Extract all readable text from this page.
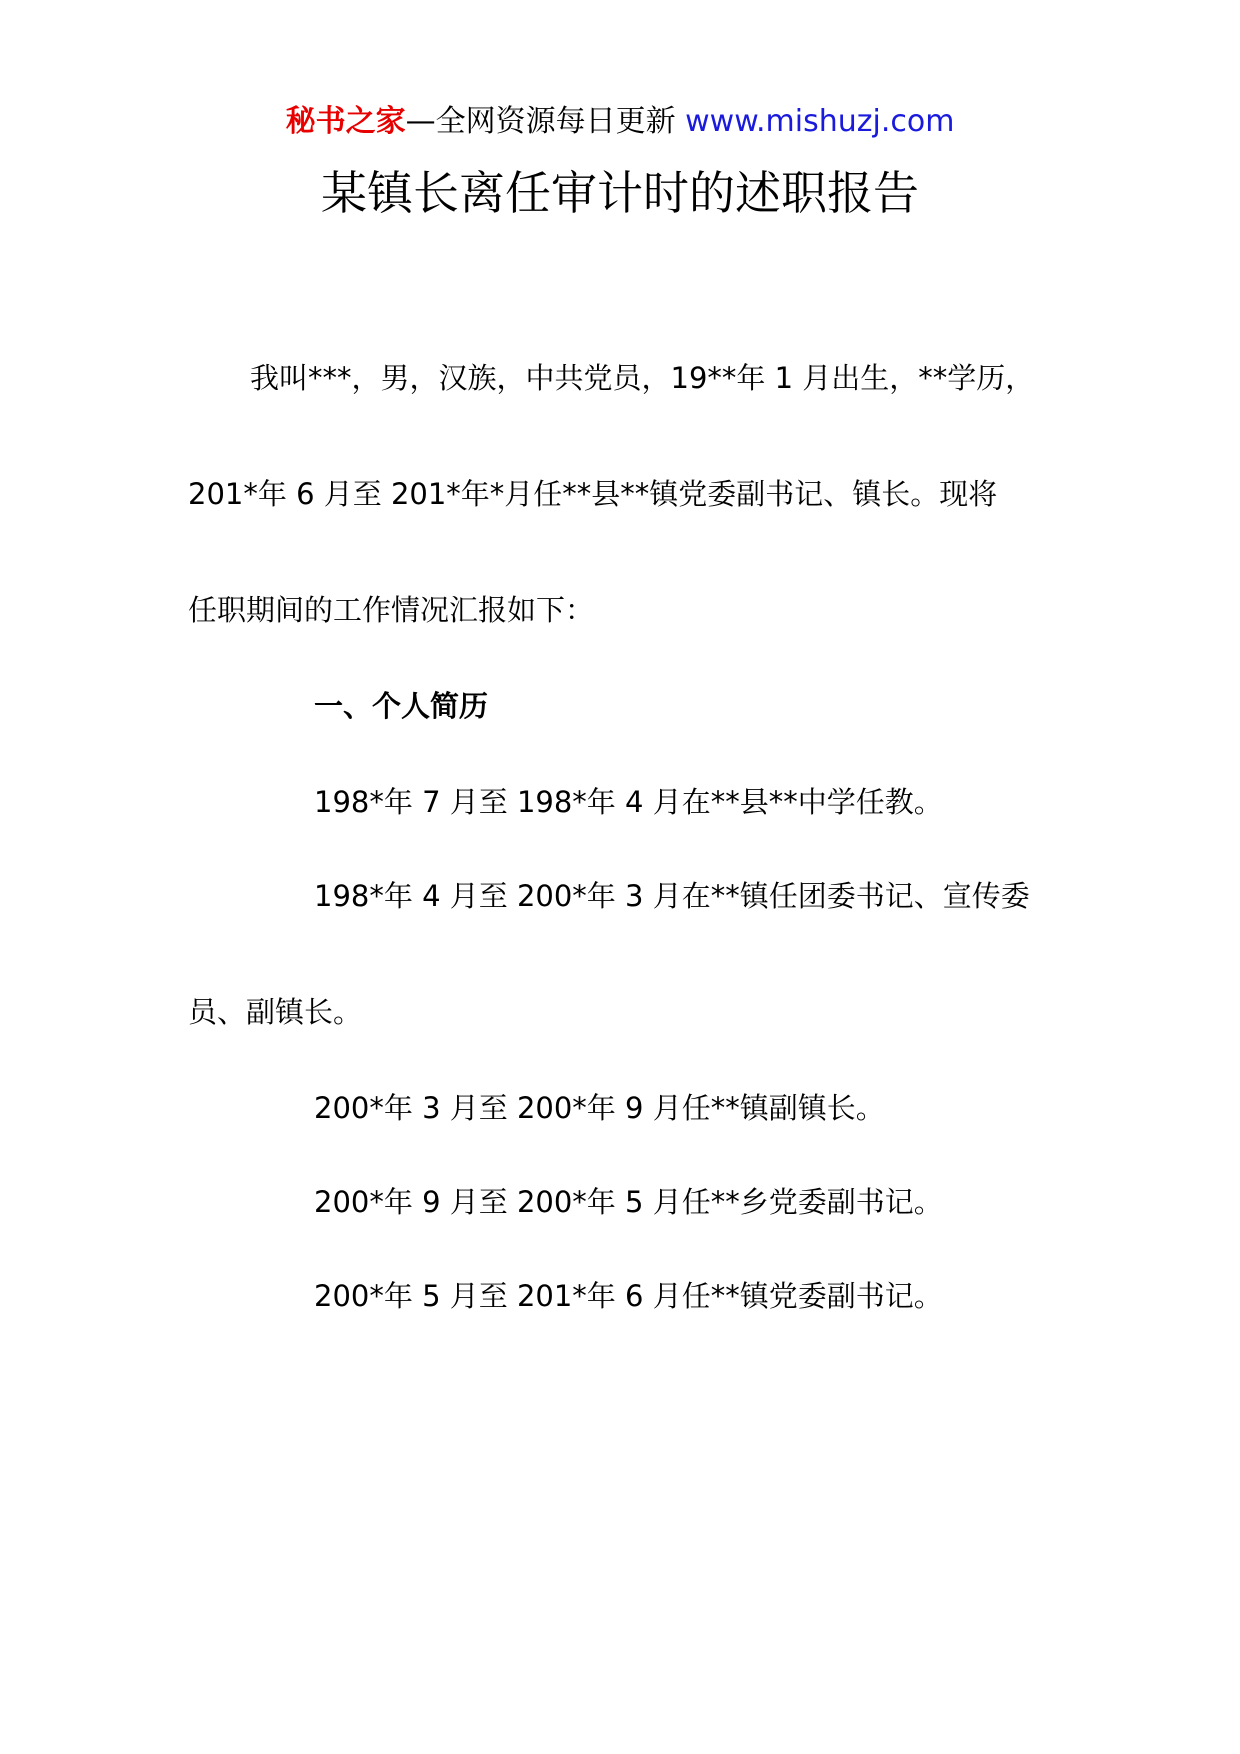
秘书之家—全网资源每日更新 www.mishuzj.com
某镇长离任审计时的述职报告
我叫***，男，汉族，中共党员，19**年 1 月出生，**学历，
201*年 6 月至 201*年*月任**县**镇党委副书记、镇长。现将
任职期间的工作情况汇报如下：
一、个人简历
198*年 7 月至 198*年 4 月在**县**中学任教。
198*年 4 月至 200*年 3 月在**镇任团委书记、宣传委
员、副镇长。
200*年 3 月至 200*年 9 月任**镇副镇长。
200*年 9 月至 200*年 5 月任**乡党委副书记。
200*年 5 月至 201*年 6 月任**镇党委副书记。
